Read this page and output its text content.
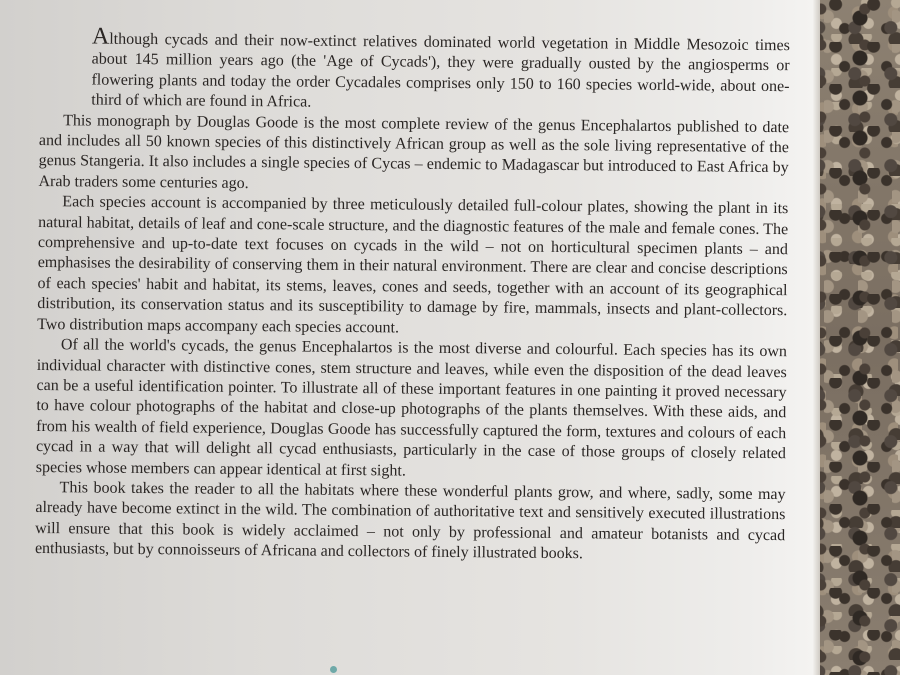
Although cycads and their now-extinct relatives dominated world vegetation in Middle Mesozoic times about 145 million years ago (the 'Age of Cycads'), they were gradually ousted by the angiosperms or flowering plants and today the order Cycadales comprises only 150 to 160 species world-wide, about one-third of which are found in Africa.

This monograph by Douglas Goode is the most complete review of the genus Encephalartos published to date and includes all 50 known species of this distinctively African group as well as the sole living representative of the genus Stangeria. It also includes a single species of Cycas – endemic to Madagascar but introduced to East Africa by Arab traders some centuries ago.

Each species account is accompanied by three meticulously detailed full-colour plates, showing the plant in its natural habitat, details of leaf and cone-scale structure, and the diagnostic features of the male and female cones. The comprehensive and up-to-date text focuses on cycads in the wild – not on horticultural specimen plants – and emphasises the desirability of conserving them in their natural environment. There are clear and concise descriptions of each species' habit and habitat, its stems, leaves, cones and seeds, together with an account of its geographical distribution, its conservation status and its susceptibility to damage by fire, mammals, insects and plant-collectors. Two distribution maps accompany each species account.

Of all the world's cycads, the genus Encephalartos is the most diverse and colourful. Each species has its own individual character with distinctive cones, stem structure and leaves, while even the disposition of the dead leaves can be a useful identification pointer. To illustrate all of these important features in one painting it proved necessary to have colour photographs of the habitat and close-up photographs of the plants themselves. With these aids, and from his wealth of field experience, Douglas Goode has successfully captured the form, textures and colours of each cycad in a way that will delight all cycad enthusiasts, particularly in the case of those groups of closely related species whose members can appear identical at first sight.

This book takes the reader to all the habitats where these wonderful plants grow, and where, sadly, some may already have become extinct in the wild. The combination of authoritative text and sensitively executed illustrations will ensure that this book is widely acclaimed – not only by professional and amateur botanists and cycad enthusiasts, but by connoisseurs of Africana and collectors of finely illustrated books.
